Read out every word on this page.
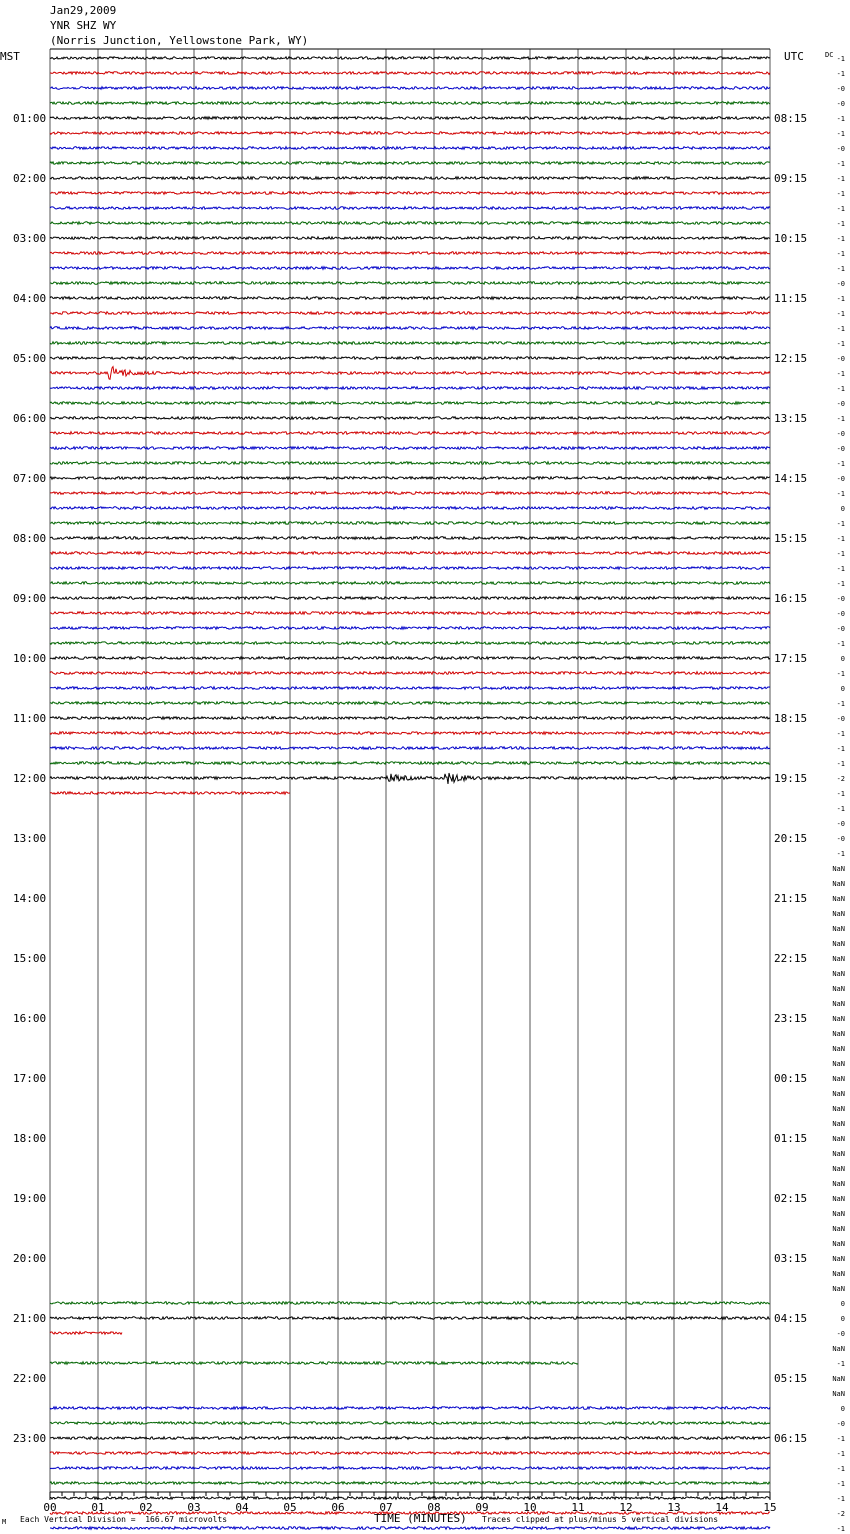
Jan29,2009
YNR SHZ WY
(Norris Junction, Yellowstone Park, WY)
01:00
02:00
03:00
04:00
05:00
06:00
07:00
08:00
09:00
10:00
11:00
12:00
13:00
14:00
15:00
16:00
17:00
18:00
19:00
20:00
21:00
22:00
23:00
08:15
09:15
10:15
11:15
12:15
13:15
14:15
15:15
16:15
17:15
18:15
19:15
20:15
21:15
22:15
23:15
00:15
01:15
02:15
03:15
04:15
05:15
06:15
-1
-1
-0
-0
-1
-1
-0
-1
-1
-1
-1
-1
-1
-1
-1
-0
-1
-1
-1
-1
-0
-1
-1
-0
-1
-0
-0
-1
-0
-1
0
-1
-1
-1
-1
-1
-0
-0
-0
-1
0
-1
0
-1
-0
-1
-1
-1
-2
-1
-1
-0
-0
-1
NaN
NaN
NaN
NaN
NaN
NaN
NaN
NaN
NaN
NaN
NaN
NaN
NaN
NaN
NaN
NaN
NaN
NaN
NaN
NaN
NaN
NaN
NaN
NaN
NaN
NaN
NaN
NaN
NaN
0
0
-0
NaN
-1
NaN
NaN
0
-0
-1
-1
-1
-1
-1
-2
-1
00	01	02	03	04	05	06	07	08	09	10	11	12	13	14	15
MST	UTC	DC
M Each Vertical Division =  166.67 microvolts	TIME (MINUTES) Traces clipped at plus/minus 5 vertical divisions
